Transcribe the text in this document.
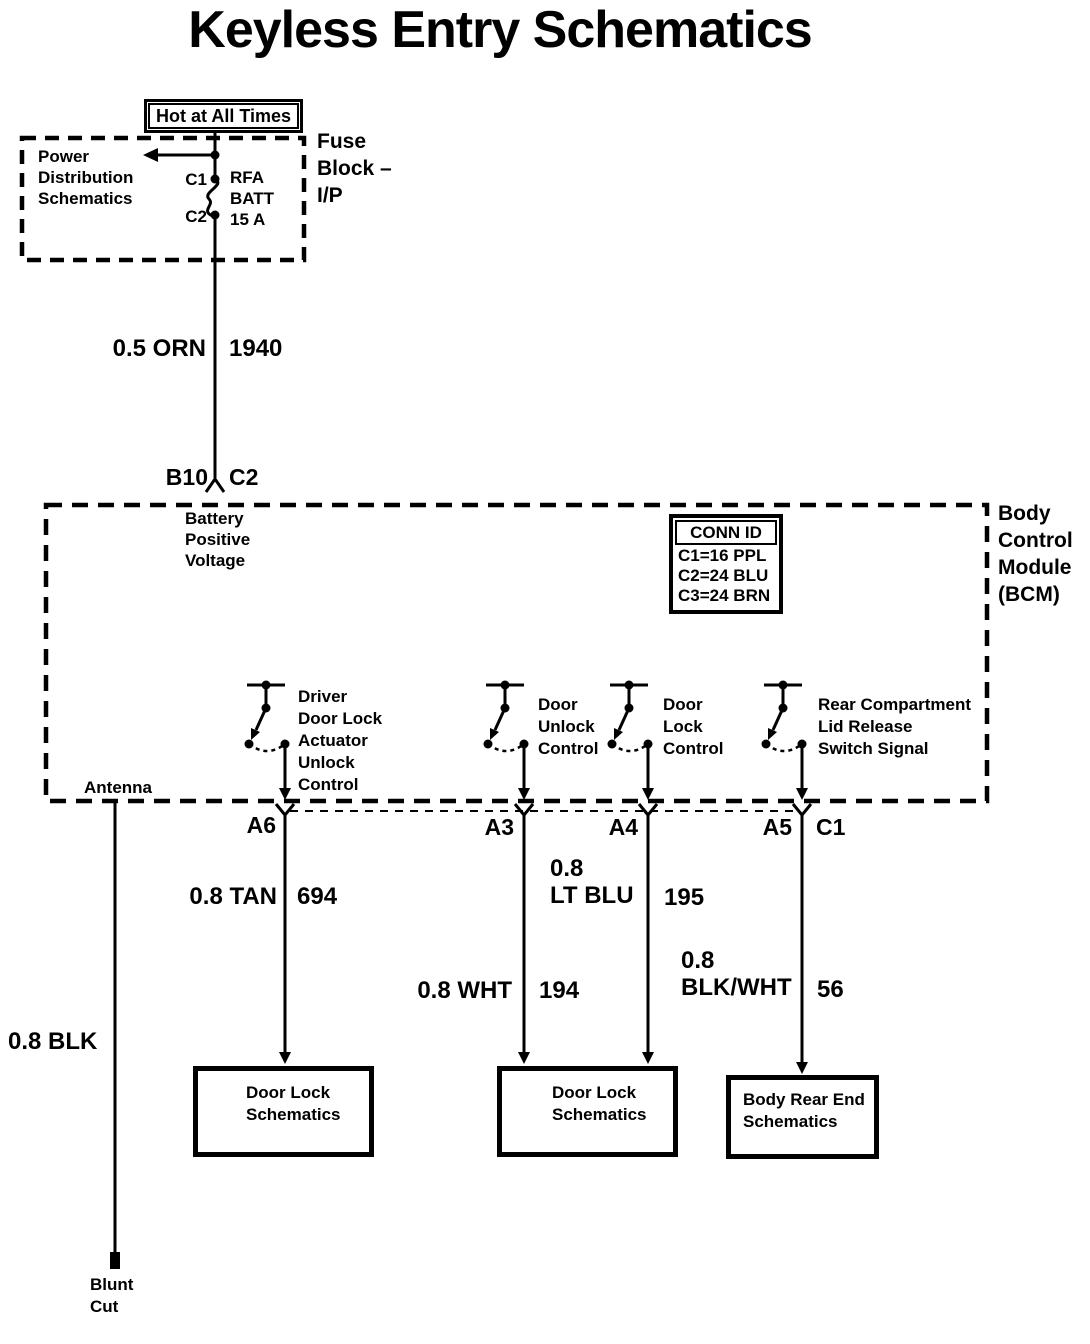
Keyless Entry Schematics
Hot at All Times
Power
Distribution
Schematics
C1
C2
RFA
BATT
15 A
Fuse
Block –
I/P
0.5 ORN 1940
B10 C2
Body
Control
Module
(BCM)
Battery
Positive
Voltage
CONN ID
C1=16 PPL
C2=24 BLU
C3=24 BRN
Antenna
Driver
Door Lock
Actuator
Unlock
Control
Door
Unlock
Control
Door
Lock
Control
Rear Compartment
Lid Release
Switch Signal
A6	A3	A4	A5 C1
0.8 TAN 694
0.8
LT BLU 195
0.8 WHT 194
0.8
BLK/WHT 56
0.8 BLK
Door Lock
Schematics
Door Lock
Schematics
Body Rear End
Schematics
Blunt
Cut
